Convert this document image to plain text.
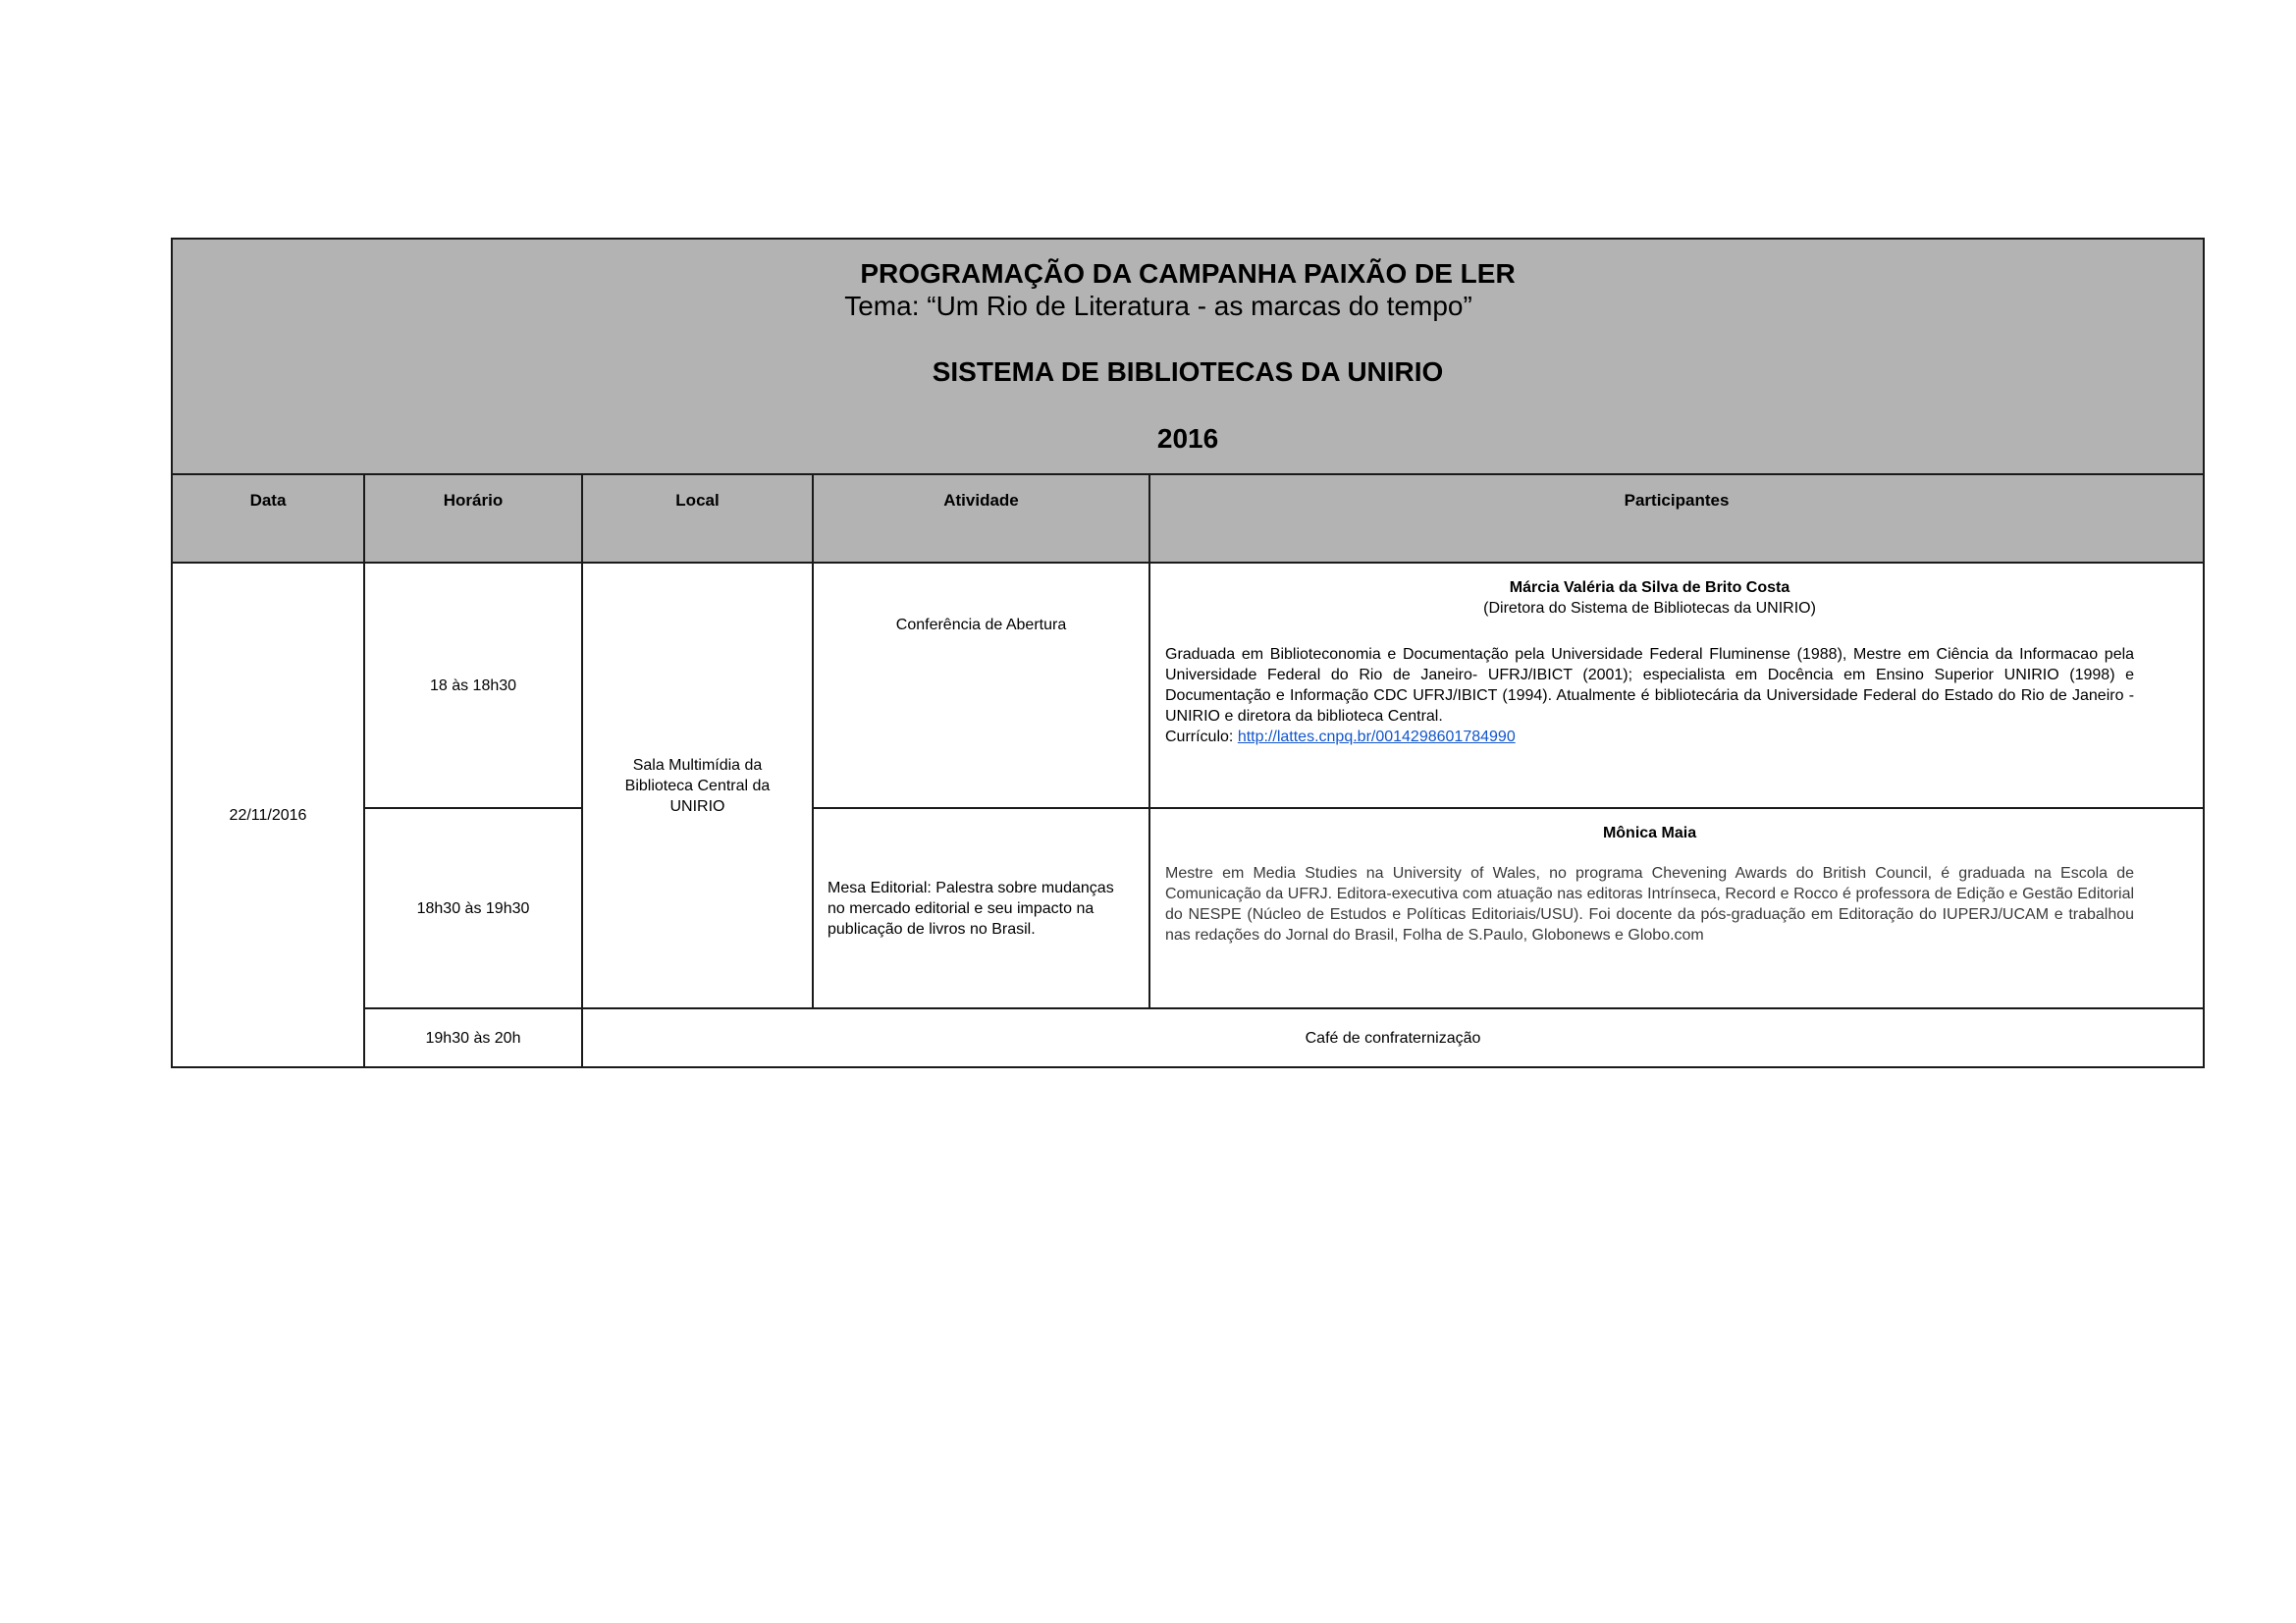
PROGRAMAÇÃO DA CAMPANHA PAIXÃO DE LER
Tema: “Um Rio de Literatura - as marcas do tempo”
SISTEMA DE BIBLIOTECAS DA UNIRIO
2016				

Data	Horário	Local	Atividade	Participantes

22/11/2016	18 às 18h30	Sala Multimídia da Biblioteca Central da UNIRIO	Conferência de Abertura	Márcia Valéria da Silva de Brito Costa
(Diretora do Sistema de Bibliotecas da UNIRIO)
Graduada em Biblioteconomia e Documentação pela Universidade Federal Fluminense (1988), Mestre em Ciência da Informacao pela Universidade Federal do Rio de Janeiro- UFRJ/IBICT (2001); especialista em Docência em Ensino Superior UNIRIO (1998) e Documentação e Informação CDC UFRJ/IBICT (1994). Atualmente é bibliotecária da Universidade Federal do Estado do Rio de Janeiro - UNIRIO e diretora da biblioteca Central.
Currículo: http://lattes.cnpq.br/0014298601784990

	18h30 às 19h30		Mesa Editorial: Palestra sobre mudanças no mercado editorial e seu impacto na publicação de livros no Brasil.	Mônica Maia
Mestre em Media Studies na University of Wales, no programa Chevening Awards do British Council, é graduada na Escola de Comunicação da UFRJ. Editora-executiva com atuação nas editoras Intrínseca, Record e Rocco é professora de Edição e Gestão Editorial do NESPE (Núcleo de Estudos e Políticas Editoriais/USU). Foi docente da pós-graduação em Editoração do IUPERJ/UCAM e trabalhou nas redações do Jornal do Brasil, Folha de S.Paulo, Globonews e Globo.com

	19h30 às 20h	Café de confraternização		
